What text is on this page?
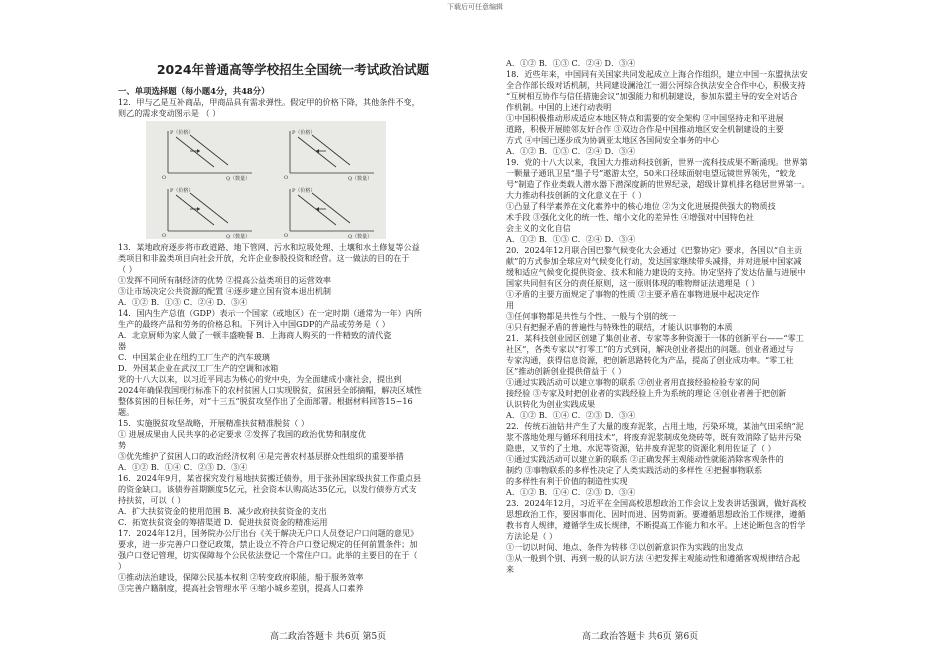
下载后可任意编辑
2024年普通高等学校招生全国统一考试政治试题

一、单项选择题（每小题4分，共48分）

12．甲与乙是互补商品，甲商品具有需求弹性。假定甲的价格下降，其他条件不变，

则乙的需求变动图示是 （ ）

P（价格）
Q（数量）
O
P（价格）
Q（数量）
O
P（价格）
Q（数量）
O
P（价格）
Q（数量）
O

13．某地政府逐步将市政道路、地下管网、污水和垃圾处理、土壤和水土修复等公益

类项目和非盈类项目向社会开放，允许企业参股投资和经营。这一做法的目的在于

（ ）

①发挥不同所有制经济的优势 ②提高公益类项目的运营效率

③让市场决定公共资源的配置 ④逐步建立国有资本退出机制

A．①② B．①③ C．②④ D．③④

14．国内生产总值（GDP）表示一个国家（或地区）在一定时期（通常为一年）内所

生产的最终产品和劳务的价格总和。下列计入中国GDP的产品或劳务是（ ）

A．北京厨师为家人做了一顿丰盛晚餐 B．上海商人购买的一件精致的清代瓷

器

C．中国某企业在纽约工厂生产的汽车玻璃

D．外国某企业在武汉工厂生产的空调和冰箱

党的十八大以来，以习近平同志为核心的党中央，为全面建成小康社会，提出到

2024年确保我国现行标准下的农村贫困人口实现脱贫，贫困县全部摘帽，解决区域性

整体贫困的目标任务，对“十三五”脱贫攻坚作出了全面部署。根据材料回答15~16

题。

15．实施脱贫攻坚战略，开展精准扶贫精准脱贫（ ）

① 进展成果由人民共享的必定要求 ②发挥了我国的政治优势和制度优

势

③优先维护了贫困人口的政治经济权利 ④是完善农村基层群众性组织的重要举措

A．①② B．①④ C．②③ D．③④

16．2024年9月，某省探究发行易地扶贫搬迁债券，用于张孙国家级扶贫工作重点县

的资金缺口。该债券首期额度5亿元，社会资本认购高达35亿元，以发行债券方式支

持扶贫，可以（ ）

A．扩大扶贫资金的使用范围 B．减少政府扶贫资金的支出

C．拓宽扶贫资金的筹措渠道 D．促进扶贫资金的精准运用

17．2024年12月，国务院办公厅出台《关于解决无户口人员登记户口问题的意见》

要求，进一步完善户口登记政策，禁止设立不符合户口登记规定的任何前置条件；加

强户口登记管理，切实保障每个公民依法登记一个常住户口。此举的主要目的在于（

）

①推动法治建设，保障公民基本权利 ②转变政府职能，船于服务效率

③完善户籍制度，提高社会管理水平 ④缩小城乡差别，提高人口素养

A．①② B．①③ C．②④ D．③④

18．近些年来，中国同有关国家共同发起成立上海合作组织，建立中国一东盟执法安

全合作部长级对话机制，共同建设澜沧江一湄公河综合执法安全合作中心，积极支持

“互树相互协作与信任措施会议”加强能力和机制建设，参加东盟主导的安全对话合

作机制。中国的上述行动表明

①中国积极推动形成适应本地区特点和需要的安全架构 ②中国坚持走和平进展

道路，积极开展睦邻友好合作 ③双边合作是中国推动地区安全机制建设的主要

方式 ④中国已逐步成为协调亚太地区各国间安全事务的中心

A．①② B．①③ C．②④ D．③④

19．党的十八大以来，我国大力推动科技创新，世界一流科技成果不断涌现。世界第

一颗量子通讯卫星“墨子号”遨游太空，50米口径球面射电望远镜世界领先，“蛟龙

号”制造了作业类载人潜水器下潜深度新的世界纪录，超级计算机排名稳居世界第一。

大力推动科技创新的文化意义在于（ ）

①凸显了科学素养在文化素养中的核心地位 ②为文化进展提供强大的物质技

术手段 ③强化文化的统一性、缩小文化的差异性 ④增强对中国特色社

会主义的文化自信

A．①② B．①③ C．②④ D．③④

20．2024年12月联合国巴黎气候变化大会通过《巴黎协定》要求，各国以“自主贡

献”的方式参加全球应对气候变化行动，发达国家继续带头减排，并对进展中国家减

缓和适应气候变化提供资金、技术和能力建设的支持。协定坚持了发达估量与进展中

国家共同但有区分的责任原则，这一原则体现的唯物辩证法道理是（ ）

①矛盾的主要方面规定了事物的性质 ②主要矛盾在事物进展中起决定作

用

③任何事物都是共性与个性、一般与个别的统一

④只有把握矛盾的普遍性与特殊性的联结，才能认识事物的本质

21．某科技创业园区创建了集创业者、专家等多种资源于一体的创新平台——“零工

社区”，各类专家以“打零工”的方式到岗，解决创业者提出的问题。创业者通过与

专家沟通，获得信息资源，把创新思路转化为产品，提高了创业成功率。“零工社

区”推动创新创业提供借益于（ ）

①通过实践活动可以建立事物的联系 ②创业者用直接经验检验专家的间

接经验 ③专家及时把创业者的实践经验上升为系统的理论 ④创业者善于把创新

认识转化为创业实践成果

A．①② B．①④ C．②③ D．③④

22．传统石油钻井产生了大量的废弃泥浆，占用土地，污染环境，某油气田采纳“泥

浆不落地处理与循环利用技术”，将废弃泥浆制成免烧砖等，既有效消除了钻井污染

隐患，又节约了土地、水泥等资源，钻井废弃泥浆的资源化利用佐证了（ ）

①通过实践活动可以建立新的联系 ②正确发挥主观能动性就能消除客观条件的

制约 ③事物联系的多样性决定了人类实践活动的多样性 ④把握事物联系

的多样性有利于价值的制造性实现

A．①② B．①④ C．②③ D．③④

23．2024年12月，习近平在全国高校思想政治工作会议上发表讲话强调，做好高校

思想政治工作，要因事而化、因时而进、因势而新。要遵循思想政治工作规律，遵循

教书育人规律，遵循学生成长规律，不断提高工作能力和水平。上述论断包含的哲学

方法论是（ ）

①一切以时间、地点、条件为转移 ②以创新意识作为实践的出发点

③从一般到个别、再到一般的认识方法 ④把发挥主观能动性和遵循客观规律结合起

来

高二政治答题卡 共6页 第5页	高二政治答题卡 共6页 第6页
